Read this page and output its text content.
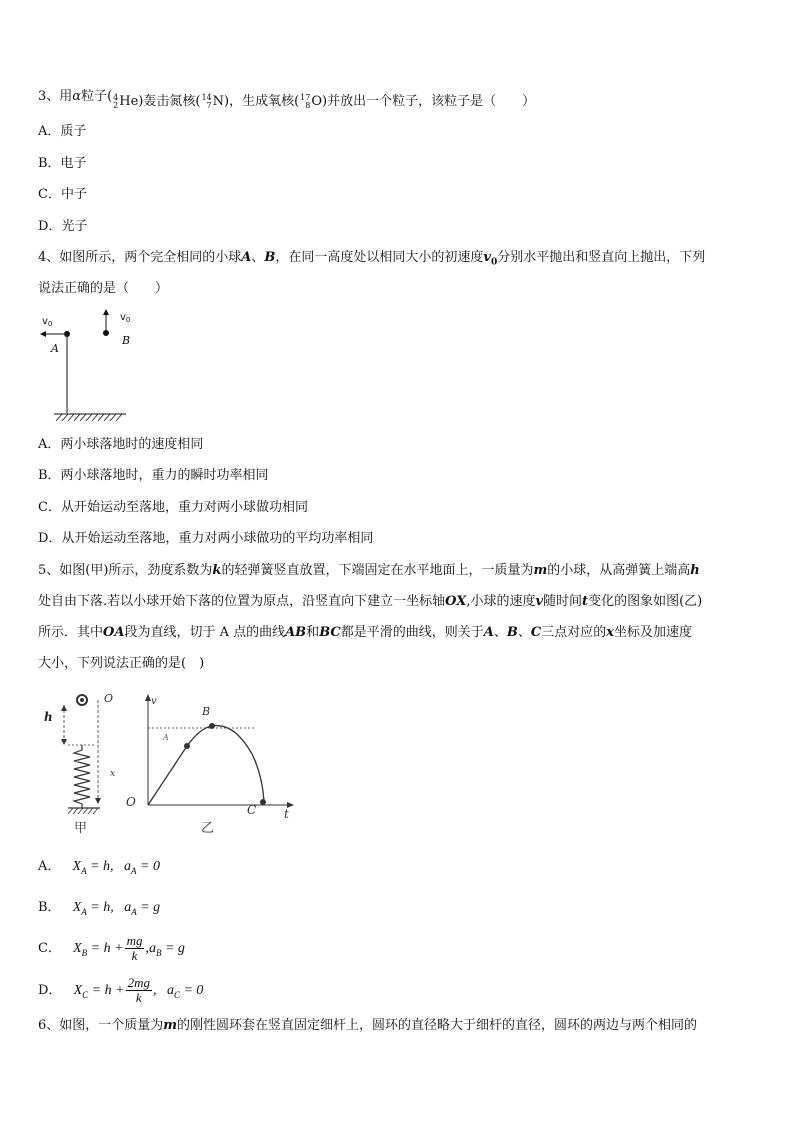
3、用α粒子( 4
2 He)轰击氮核( 14
7 N)，生成氧核( 17
8 O)并放出一个粒子，该粒子是（　　）
A．质子
B．电子
C．中子
D．光子
4、如图所示，两个完全相同的小球A、B，在同一高度处以相同大小的初速度$v_0$分别水平抛出和竖直向上抛出，下列
说法正确的是（　　）
$v_0$
$v_0$
A
B
A．两小球落地时的速度相同
B．两小球落地时，重力的瞬时功率相同
C．从开始运动至落地，重力对两小球做功相同
D．从开始运动至落地，重力对两小球做功的平均功率相同
5、如图(甲)所示，劲度系数为k的轻弹簧竖直放置，下端固定在水平地面上，一质量为m的小球，从高弹簧上端高h
处自由下落.若以小球开始下落的位置为原点，沿竖直向下建立一坐标轴OX,小球的速度v随时间t变化的图象如图(乙)
所示．其中OA段为直线，切于 A 点的曲线AB和BC都是平滑的曲线，则关于A、B、C三点对应的x坐标及加速度
大小，下列说法正确的是(　)
h
O
x
甲
v
O
t
A
B
C
乙
A． $X_A = h$, $a_A = 0$
B． $X_A = h$, $a_A = g$
C． $X_B = h + \frac{mg}{k} ,a_B = g$
D． $X_C = h + \frac{2mg}{k}$ , $a_C = 0$
6、如图，一个质量为m的刚性圆环套在竖直固定细杆上，圆环的直径略大于细杆的直径，圆环的两边与两个相同的
